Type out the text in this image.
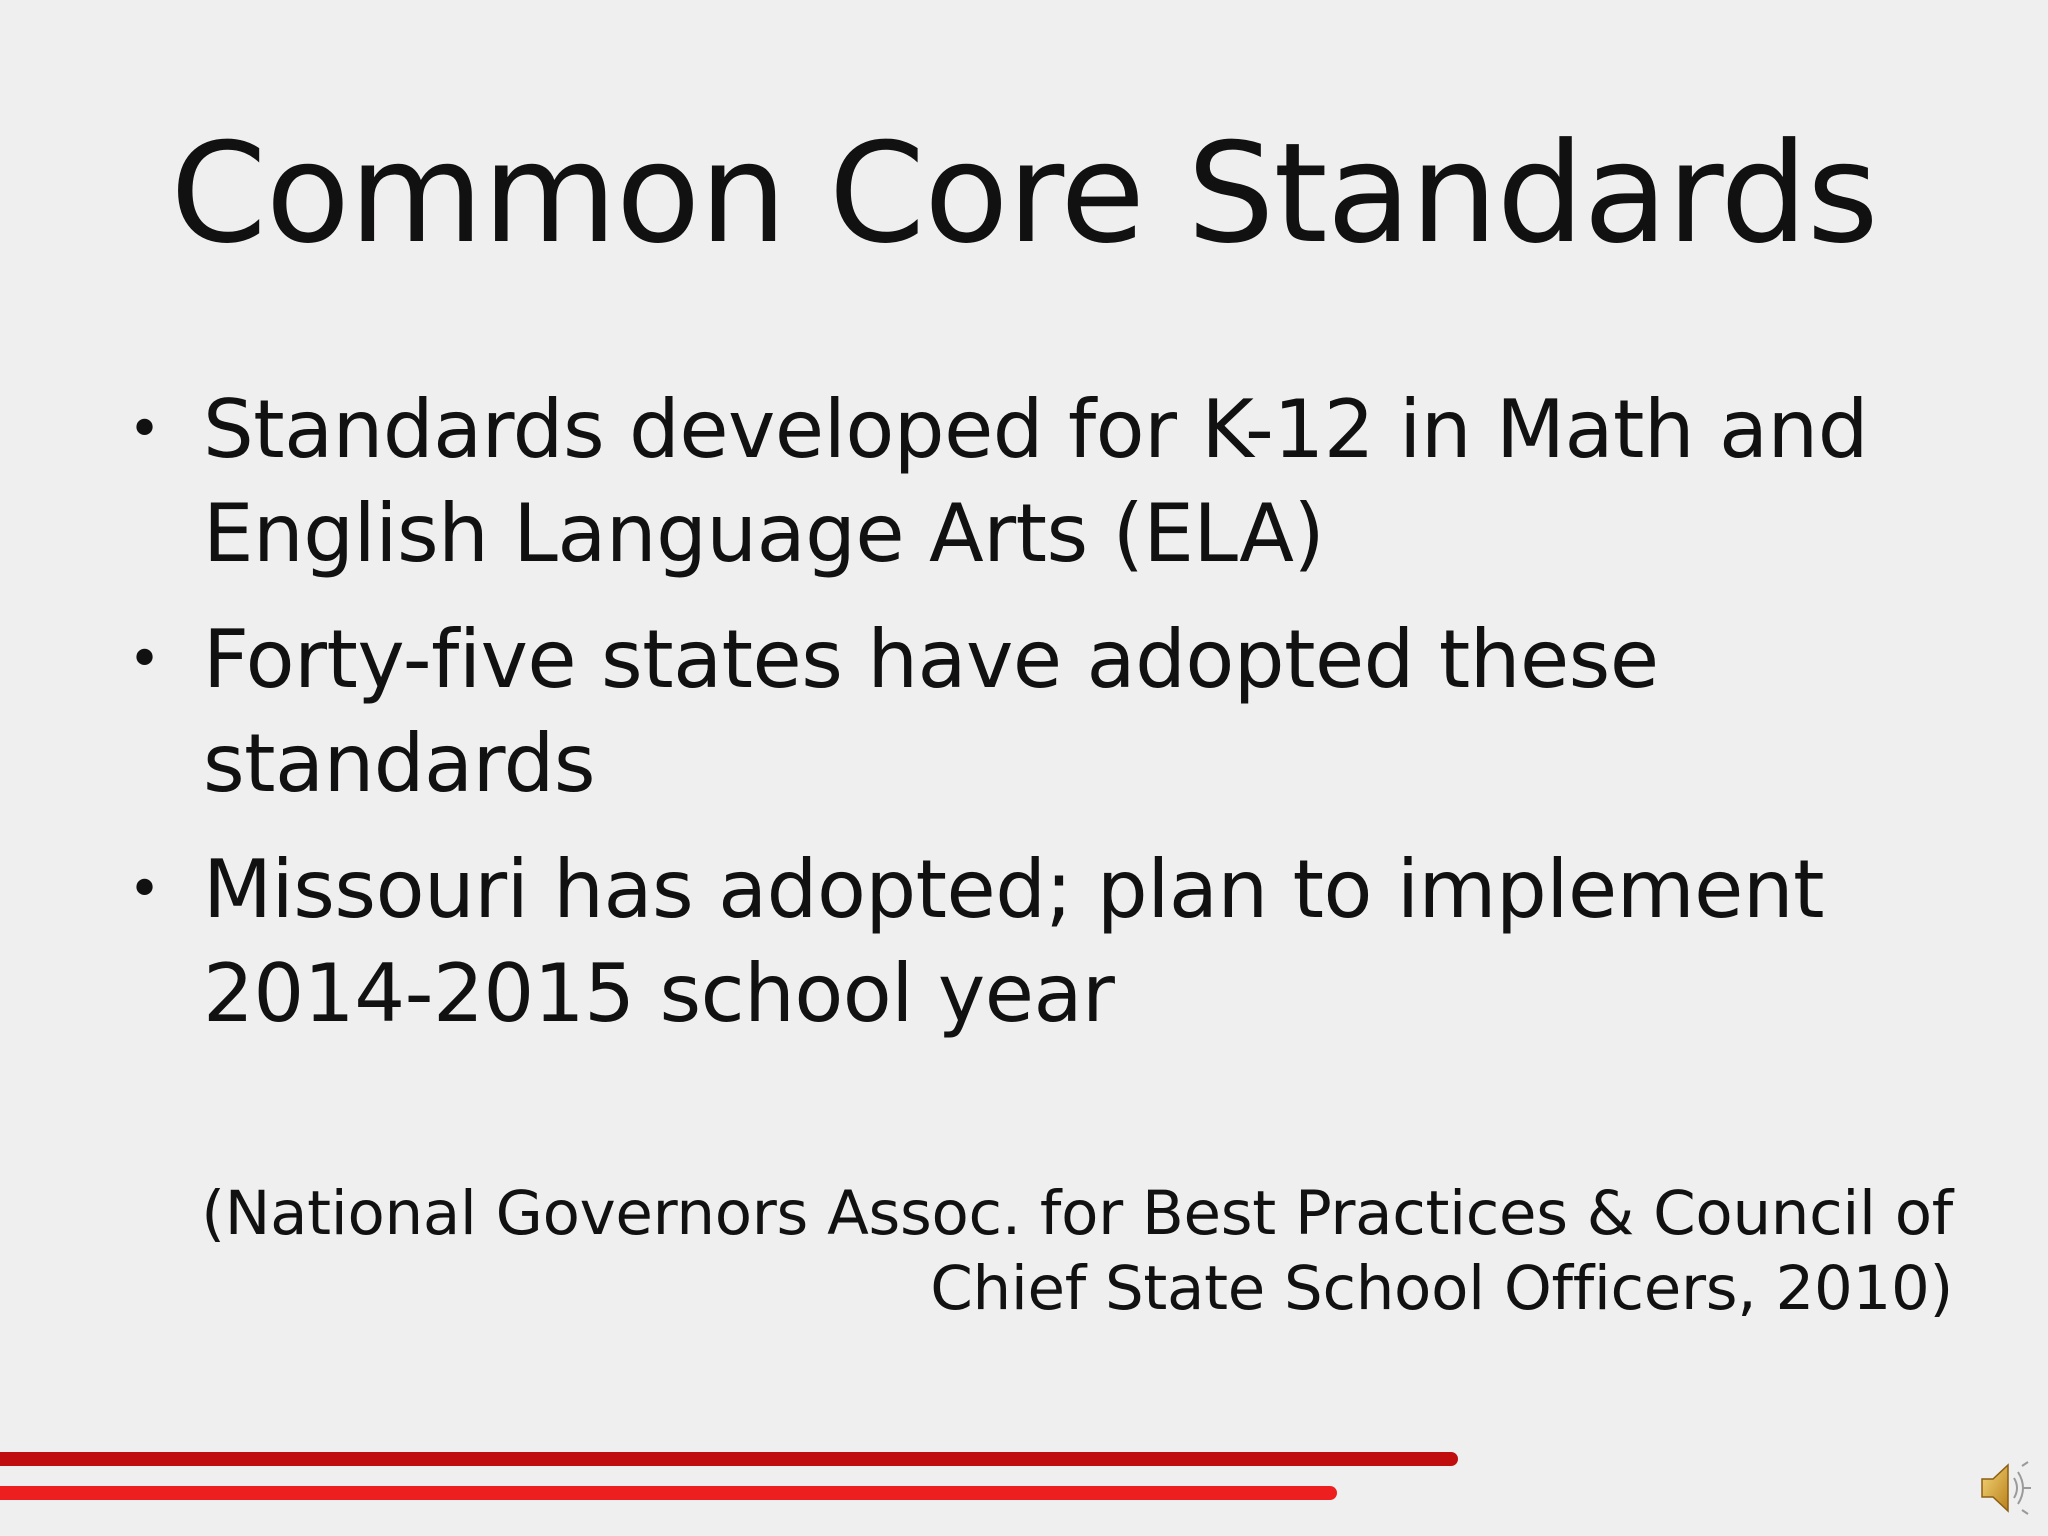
Common Core Standards
• Standards developed for K-12 in Math and English Language Arts (ELA)
• Forty-five states have adopted these standards
• Missouri has adopted; plan to implement 2014-2015 school year
(National Governors Assoc. for Best Practices & Council of Chief State School Officers, 2010)
